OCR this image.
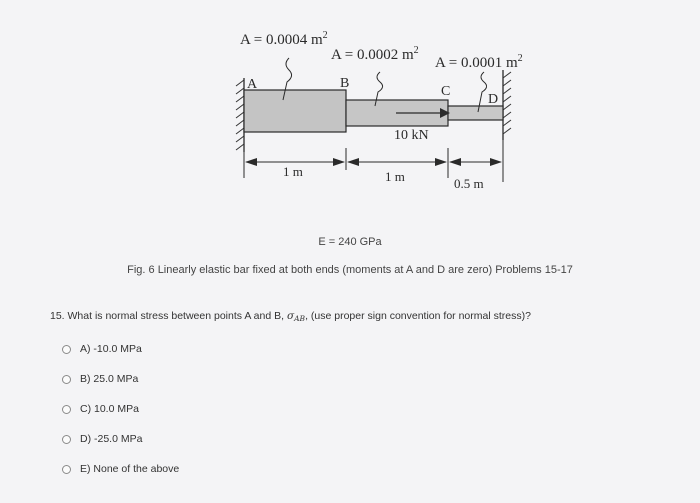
A = 0.0004 $m^2$
A = 0.0002 $m^2$
A = 0.0001 $m^2$
A	B
C
D
10 kN
1 m	1 m	0.5 m
E = 240 GPa
Fig. 6 Linearly elastic bar fixed at both ends (moments at A and D are zero) Problems 15-17
15. What is normal stress between points A and B, $\sigma_{AB}$, (use proper sign convention for normal stress)?
A) -10.0 MPa
B) 25.0 MPa
C) 10.0 MPa
D) -25.0 MPa
E) None of the above
